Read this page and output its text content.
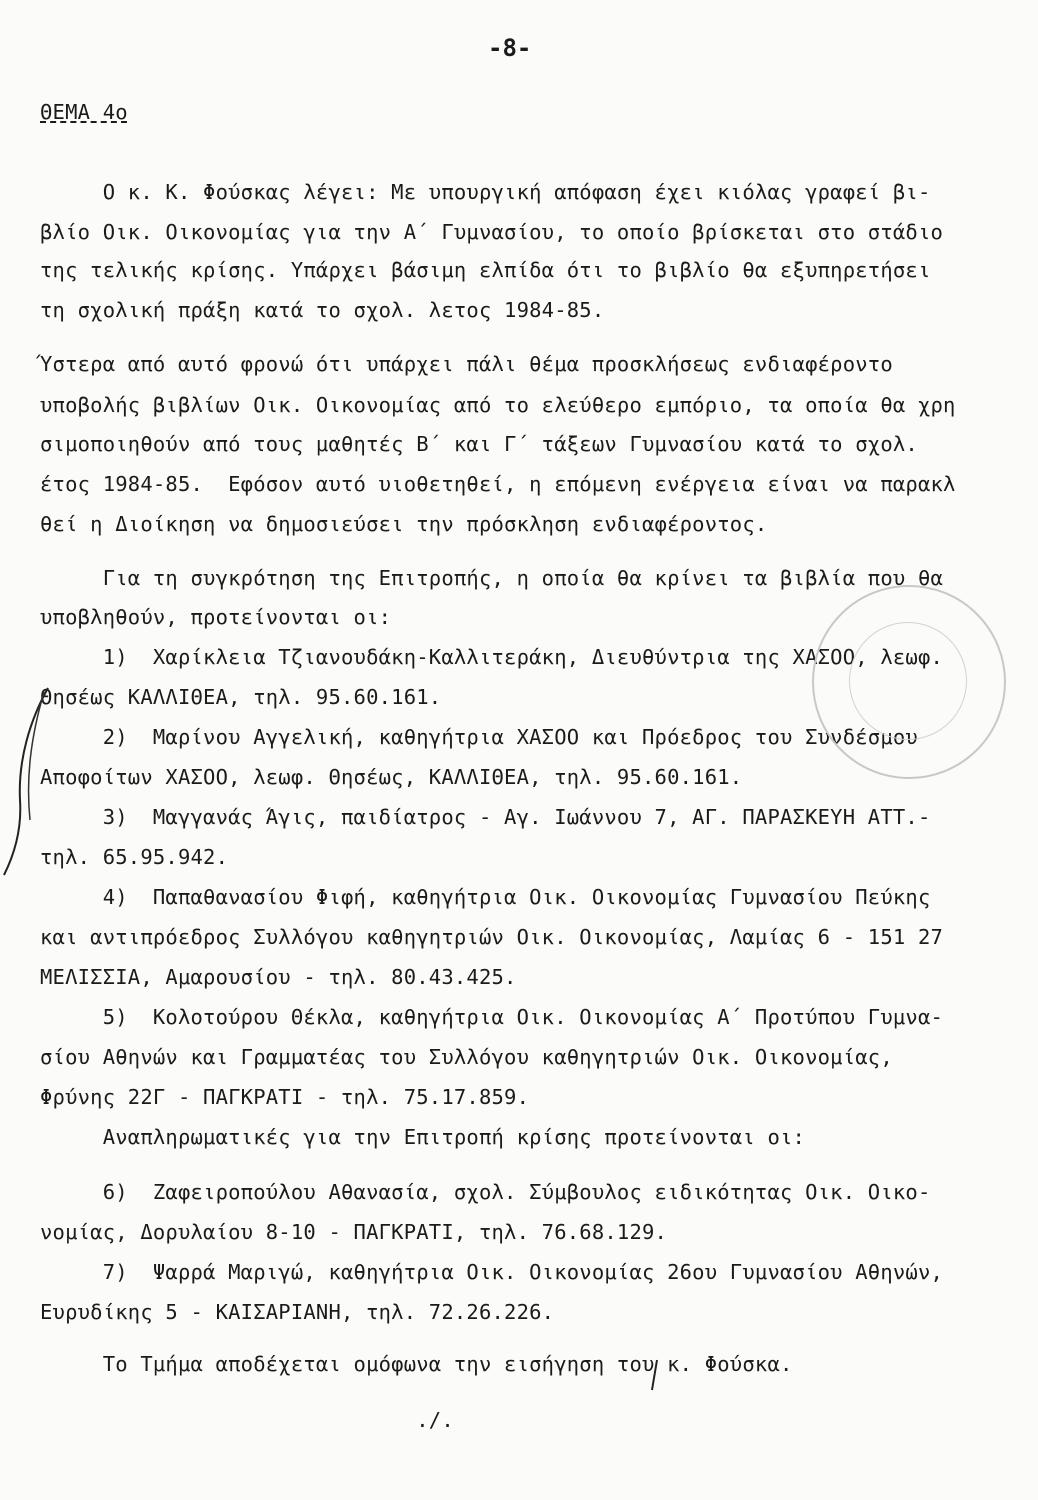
-8-
ΘΕΜΑ 4ο
Ο κ. Κ. Φούσκας λέγει: Με υπουργική απόφαση έχει κιόλας γραφεί βι-
βλίο Οικ. Οικονομίας για την Α΄ Γυμνασίου, το οποίο βρίσκεται στο στάδιο
της τελικής κρίσης. Υπάρχει βάσιμη ελπίδα ότι το βιβλίο θα εξυπηρετήσει
τη σχολική πράξη κατά το σχολ. λετος 1984-85.
Ύστερα από αυτό φρονώ ότι υπάρχει πάλι θέμα προσκλήσεως ενδιαφέροντο
υποβολής βιβλίων Οικ. Οικονομίας από το ελεύθερο εμπόριο, τα οποία θα χρη
σιμοποιηθούν από τους μαθητές Β΄ και Γ΄ τάξεων Γυμνασίου κατά το σχολ.
έτος 1984-85.  Εφόσον αυτό υιοθετηθεί, η επόμενη ενέργεια είναι να παρακλ
θεί η Διοίκηση να δημοσιεύσει την πρόσκληση ενδιαφέροντος.
Για τη συγκρότηση της Επιτροπής, η οποία θα κρίνει τα βιβλία που θα
υποβληθούν, προτείνονται οι:
1)  Χαρίκλεια Τζιανουδάκη-Καλλιτεράκη, Διευθύντρια της ΧΑΣΟΟ, λεωφ.
Θησέως ΚΑΛΛΙΘΕΑ, τηλ. 95.60.161.
2)  Μαρίνου Αγγελική, καθηγήτρια ΧΑΣΟΟ και Πρόεδρος του Συνδέσμου
Αποφοίτων ΧΑΣΟΟ, λεωφ. Θησέως, ΚΑΛΛΙΘΕΑ, τηλ. 95.60.161.
3)  Μαγγανάς Άγις, παιδίατρος - Αγ. Ιωάννου 7, ΑΓ. ΠΑΡΑΣΚΕΥΗ ΑΤΤ.-
τηλ. 65.95.942.
4)  Παπαθανασίου Φιφή, καθηγήτρια Οικ. Οικονομίας Γυμνασίου Πεύκης
και αντιπρόεδρος Συλλόγου καθηγητριών Οικ. Οικονομίας, Λαμίας 6 - 151 27
ΜΕΛΙΣΣΙΑ, Αμαρουσίου - τηλ. 80.43.425.
5)  Κολοτούρου Θέκλα, καθηγήτρια Οικ. Οικονομίας Α΄ Προτύπου Γυμνα-
σίου Αθηνών και Γραμματέας του Συλλόγου καθηγητριών Οικ. Οικονομίας,
Φρύνης 22Γ - ΠΑΓΚΡΑΤΙ - τηλ. 75.17.859.
Αναπληρωματικές για την Επιτροπή κρίσης προτείνονται οι:
6)  Ζαφειροπούλου Αθανασία, σχολ. Σύμβουλος ειδικότητας Οικ. Οικο-
νομίας, Δορυλαίου 8-10 - ΠΑΓΚΡΑΤΙ, τηλ. 76.68.129.
7)  Ψαρρά Μαριγώ, καθηγήτρια Οικ. Οικονομίας 26ου Γυμνασίου Αθηνών,
Ευρυδίκης 5 - ΚΑΙΣΑΡΙΑΝΗ, τηλ. 72.26.226.
Το Τμήμα αποδέχεται ομόφωνα την εισήγηση του κ. Φούσκα.
./.
